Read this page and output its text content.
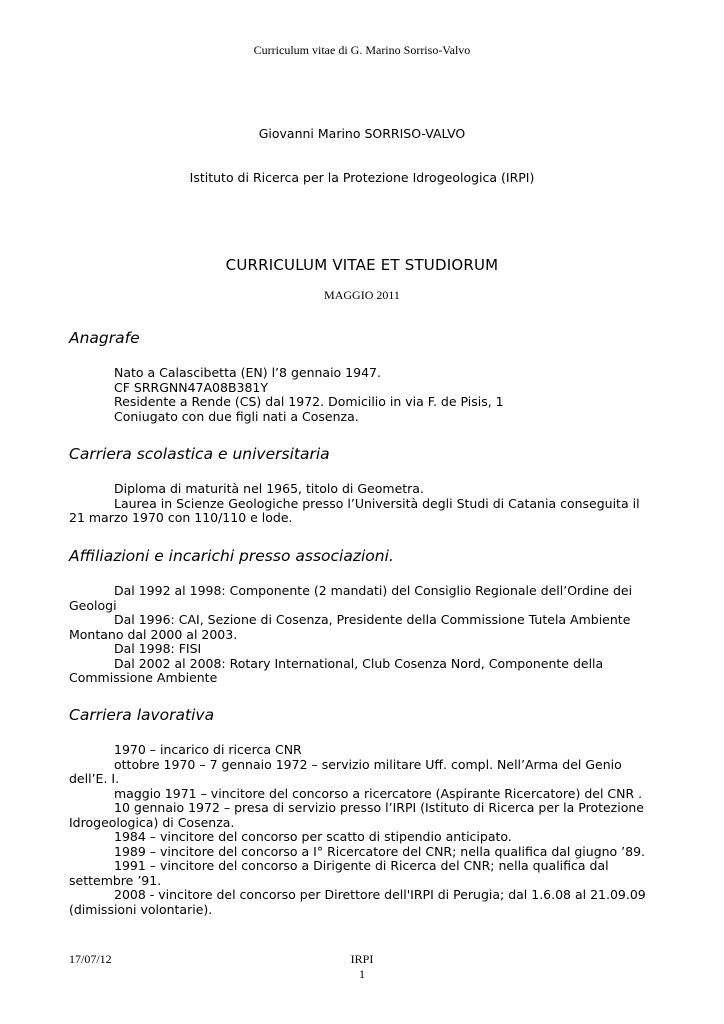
Curriculum vitae di G. Marino Sorriso-Valvo
Giovanni Marino SORRISO-VALVO
Istituto di Ricerca per la Protezione Idrogeologica (IRPI)
CURRICULUM VITAE ET STUDIORUM
MAGGIO 2011
Anagrafe
Nato a Calascibetta (EN) l’8 gennaio 1947.
CF SRRGNN47A08B381Y
Residente a Rende (CS) dal 1972. Domicilio in via F. de Pisis, 1
Coniugato con due figli nati a Cosenza.
Carriera scolastica e universitaria
Diploma di maturità nel 1965, titolo di Geometra.
Laurea in Scienze Geologiche presso l’Università degli Studi di Catania conseguita il 21 marzo 1970 con 110/110 e lode.
Affiliazioni e incarichi presso associazioni.
Dal 1992 al 1998: Componente (2 mandati) del Consiglio Regionale dell’Ordine dei Geologi
Dal 1996: CAI, Sezione di Cosenza, Presidente della Commissione Tutela Ambiente Montano dal 2000 al 2003.
Dal 1998: FISI
Dal 2002 al 2008: Rotary International, Club Cosenza Nord, Componente della Commissione Ambiente
Carriera lavorativa
1970 – incarico di ricerca CNR
ottobre 1970 – 7 gennaio 1972 – servizio militare Uff. compl. Nell’Arma del Genio dell’E. I.
maggio 1971 – vincitore del concorso a ricercatore (Aspirante Ricercatore) del CNR .
10 gennaio 1972 – presa di servizio presso l’IRPI (Istituto di Ricerca per la Protezione Idrogeologica) di Cosenza.
1984 – vincitore del concorso per scatto di stipendio anticipato.
1989 – vincitore del concorso a I° Ricercatore del CNR; nella qualifica dal giugno ’89.
1991 – vincitore del concorso a Dirigente di Ricerca del CNR; nella qualifica dal settembre ’91.
2008 - vincitore del concorso per Direttore dell'IRPI di Perugia; dal 1.6.08 al 21.09.09 (dimissioni volontarie).
17/07/12	IRPI
1
